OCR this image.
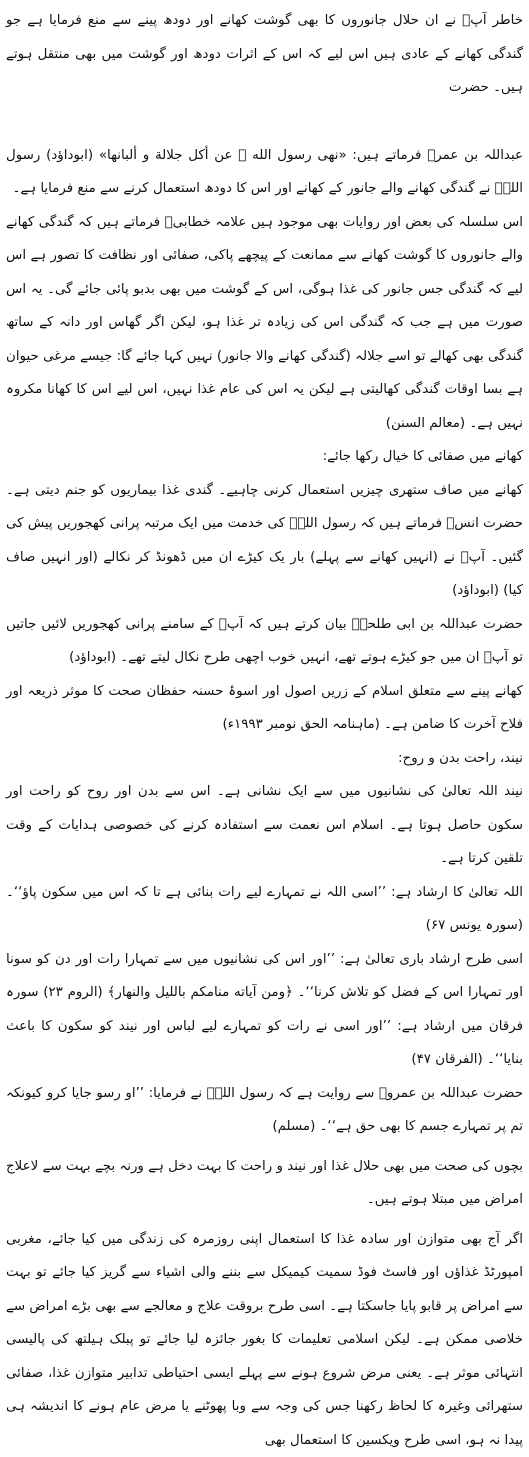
خاطر آپؐ نے ان حلال جانوروں کا بھی گوشت کھانے اور دودھ پینے سے منع فرمایا ہے جو گندگی کھانے کے عادی ہیں اس لیے کہ اس کے اثرات دودھ اور گوشت میں بھی منتقل ہوتے ہیں۔ حضرت

عبداللہ بن عمرؓ فرماتے ہیں: «نهى رسول الله ﷺ عن أكل جلالة و ألبانها» (ابوداؤد) رسول اللہؐ نے گندگی کھانے والے جانور کے کھانے اور اس کا دودھ استعمال کرنے سے منع فرمایا ہے۔

اس سلسلہ کی بعض اور روایات بھی موجود ہیں علامہ خطابیؒ فرماتے ہیں کہ گندگی کھانے والے جانوروں کا گوشت کھانے سے ممانعت کے پیچھے پاکی، صفائی اور نظافت کا تصور ہے اس لیے کہ گندگی جس جانور کی غذا ہوگی، اس کے گوشت میں بھی بدبو پائی جائے گی۔ یہ اس صورت میں ہے جب کہ گندگی اس کی زیادہ تر غذا ہو، لیکن اگر گھاس اور دانہ کے ساتھ گندگی بھی کھالے تو اسے جلالہ (گندگی کھانے والا جانور) نہیں کہا جائے گا: جیسے مرغی حیوان ہے بسا اوقات گندگی کھالیتی ہے لیکن یہ اس کی عام غذا نہیں، اس لیے اس کا کھانا مکروہ نہیں ہے۔ (معالم السنن)

کھانے میں صفائی کا خیال رکھا جائے:

کھانے میں صاف ستھری چیزیں استعمال کرنی چاہیے۔ گندی غذا بیماریوں کو جنم دیتی ہے۔ حضرت انسؓ فرماتے ہیں کہ رسول اللہؐ کی خدمت میں ایک مرتبہ پرانی کھجوریں پیش کی گئیں۔ آپؐ نے (انہیں کھانے سے پہلے) بار یک کیڑے ان میں ڈھونڈ کر نکالے (اور انہیں صاف کیا) (ابوداؤد)

حضرت عبداللہ بن ابی طلحہؓ بیان کرتے ہیں کہ آپؐ کے سامنے پرانی کھجوریں لائیں جاتیں تو آپؐ ان میں جو کیڑے ہوتے تھے، انہیں خوب اچھی طرح نکال لیتے تھے۔ (ابوداؤد)

کھانے پینے سے متعلق اسلام کے زریں اصول اور اسوۂ حسنہ حفظان صحت کا موثر ذریعہ اور فلاح آخرت کا ضامن ہے۔ (ماہنامہ الحق نومبر ۱۹۹۳ء)

نیند، راحت بدن و روح:

نیند اللہ تعالیٰ کی نشانیوں میں سے ایک نشانی ہے۔ اس سے بدن اور روح کو راحت اور سکون حاصل ہوتا ہے۔ اسلام اس نعمت سے استفادہ کرنے کی خصوصی ہدایات کے وقت تلقین کرتا ہے۔

اللہ تعالیٰ کا ارشاد ہے: ’’اسی اللہ نے تمہارے لیے رات بنائی ہے تا کہ اس میں سکون پاؤ‘‘۔ (سورہ یونس ۶۷)

اسی طرح ارشاد باری تعالیٰ ہے: ’’اور اس کی نشانیوں میں سے تمہارا رات اور دن کو سونا اور تمہارا اس کے فضل کو تلاش کرنا‘‘۔ ﴿ومن آياته منامكم بالليل والنهار﴾ (الروم ۲۳) سورہ فرقان میں ارشاد ہے: ’’اور اسی نے رات کو تمہارے لیے لباس اور نیند کو سکون کا باعث بنایا‘‘۔ (الفرقان ۴۷)

حضرت عبداللہ بن عمروؓ سے روایت ہے کہ رسول اللہؐ نے فرمایا: ’’او رسو جایا کرو کیونکہ تم پر تمہارے جسم کا بھی حق ہے‘‘۔ (مسلم)

بچوں کی صحت میں بھی حلال غذا اور نیند و راحت کا بہت دخل ہے ورنہ بچے بہت سے لاعلاج امراض میں مبتلا ہوتے ہیں۔

اگر آج بھی متوازن اور سادہ غذا کا استعمال اپنی روزمرہ کی زندگی میں کیا جائے، مغربی امپورٹڈ غذاؤں اور فاسٹ فوڈ سمیت کیمیکل سے بننے والی اشیاء سے گریز کیا جائے تو بہت سے امراض پر قابو پایا جاسکتا ہے۔ اسی طرح بروقت علاج و معالجے سے بھی بڑے امراض سے خلاصی ممکن ہے۔ لیکن اسلامی تعلیمات کا بغور جائزہ لیا جائے تو پبلک ہیلتھ کی پالیسی انتہائی موثر ہے۔ یعنی مرض شروع ہونے سے پہلے ایسی احتیاطی تدابیر متوازن غذا، صفائی ستھرائی وغیرہ کا لحاظ رکھنا جس کی وجہ سے وبا پھوٹنے یا مرض عام ہونے کا اندیشہ ہی پیدا نہ ہو، اسی طرح ویکسین کا استعمال بھی
